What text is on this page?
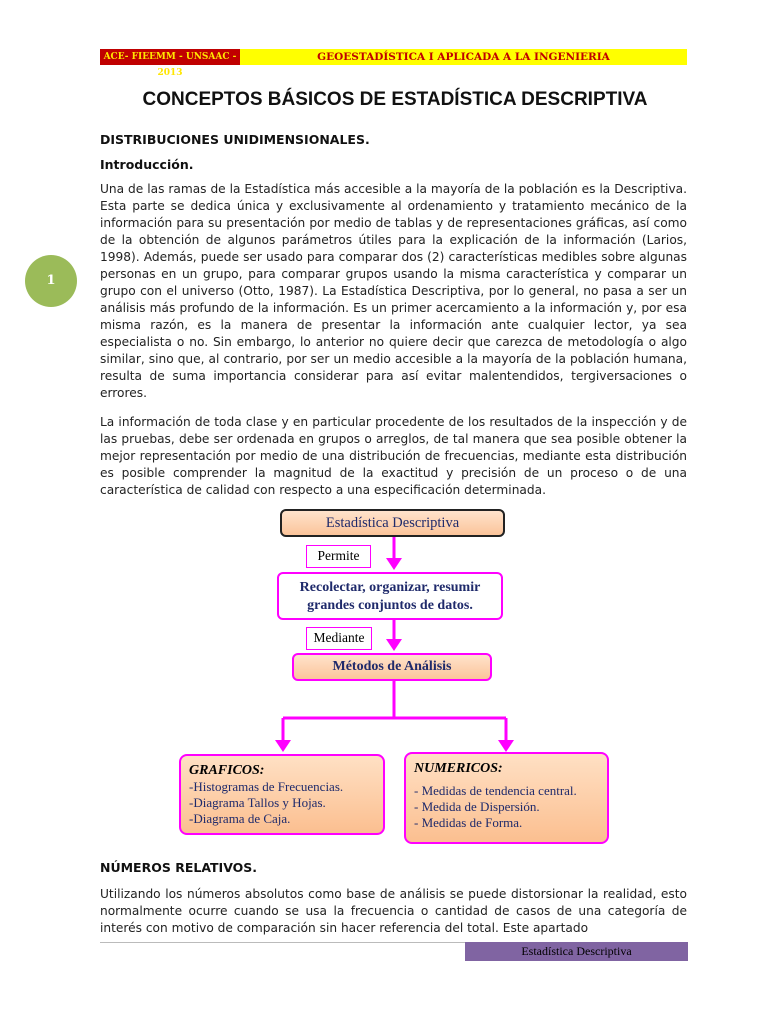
ACE- FIEEMM - UNSAAC - 2013
GEOESTADÍSTICA I APLICADA A LA INGENIERIA
CONCEPTOS BÁSICOS DE ESTADÍSTICA DESCRIPTIVA
DISTRIBUCIONES UNIDIMENSIONALES.
Introducción.

Una de las ramas de la Estadística más accesible a la mayoría de la población es la Descriptiva. Esta parte se dedica única y exclusivamente al ordenamiento y tratamiento mecánico de la información para su presentación por medio de tablas y de representaciones gráficas, así como de la obtención de algunos parámetros útiles para la explicación de la información (Larios, 1998). Además, puede ser usado para comparar dos (2) características medibles sobre algunas personas en un grupo, para comparar grupos usando la misma característica y comparar un grupo con el universo (Otto, 1987). La Estadística Descriptiva, por lo general, no pasa a ser un análisis más profundo de la información. Es un primer acercamiento a la información y, por esa misma razón, es la manera de presentar la información ante cualquier lector, ya sea especialista o no. Sin embargo, lo anterior no quiere decir que carezca de metodología o algo similar, sino que, al contrario, por ser un medio accesible a la mayoría de la población humana, resulta de suma importancia considerar para así evitar malentendidos, tergiversaciones o errores.

La información de toda clase y en particular procedente de los resultados de la inspección y de las pruebas, debe ser ordenada en grupos o arreglos, de tal manera que sea posible obtener la mejor representación por medio de una distribución de frecuencias, mediante esta distribución es posible comprender la magnitud de la exactitud y precisión de un proceso o de una característica de calidad con respecto a una especificación determinada.

1
Estadística Descriptiva
Permite
Recolectar, organizar, resumir grandes conjuntos de datos.
Mediante
Métodos de Análisis
GRAFICOS:
-Histogramas de Frecuencias.
-Diagrama Tallos y Hojas.
-Diagrama de Caja.
NUMERICOS:
- Medidas de tendencia central.
- Medida de Dispersión.
- Medidas de Forma.
NÚMEROS RELATIVOS.

Utilizando los números absolutos como base de análisis se puede distorsionar la realidad, esto normalmente ocurre cuando se usa la frecuencia o cantidad de casos de una categoría de interés con motivo de comparación sin hacer referencia del total. Este apartado

Estadística Descriptiva
